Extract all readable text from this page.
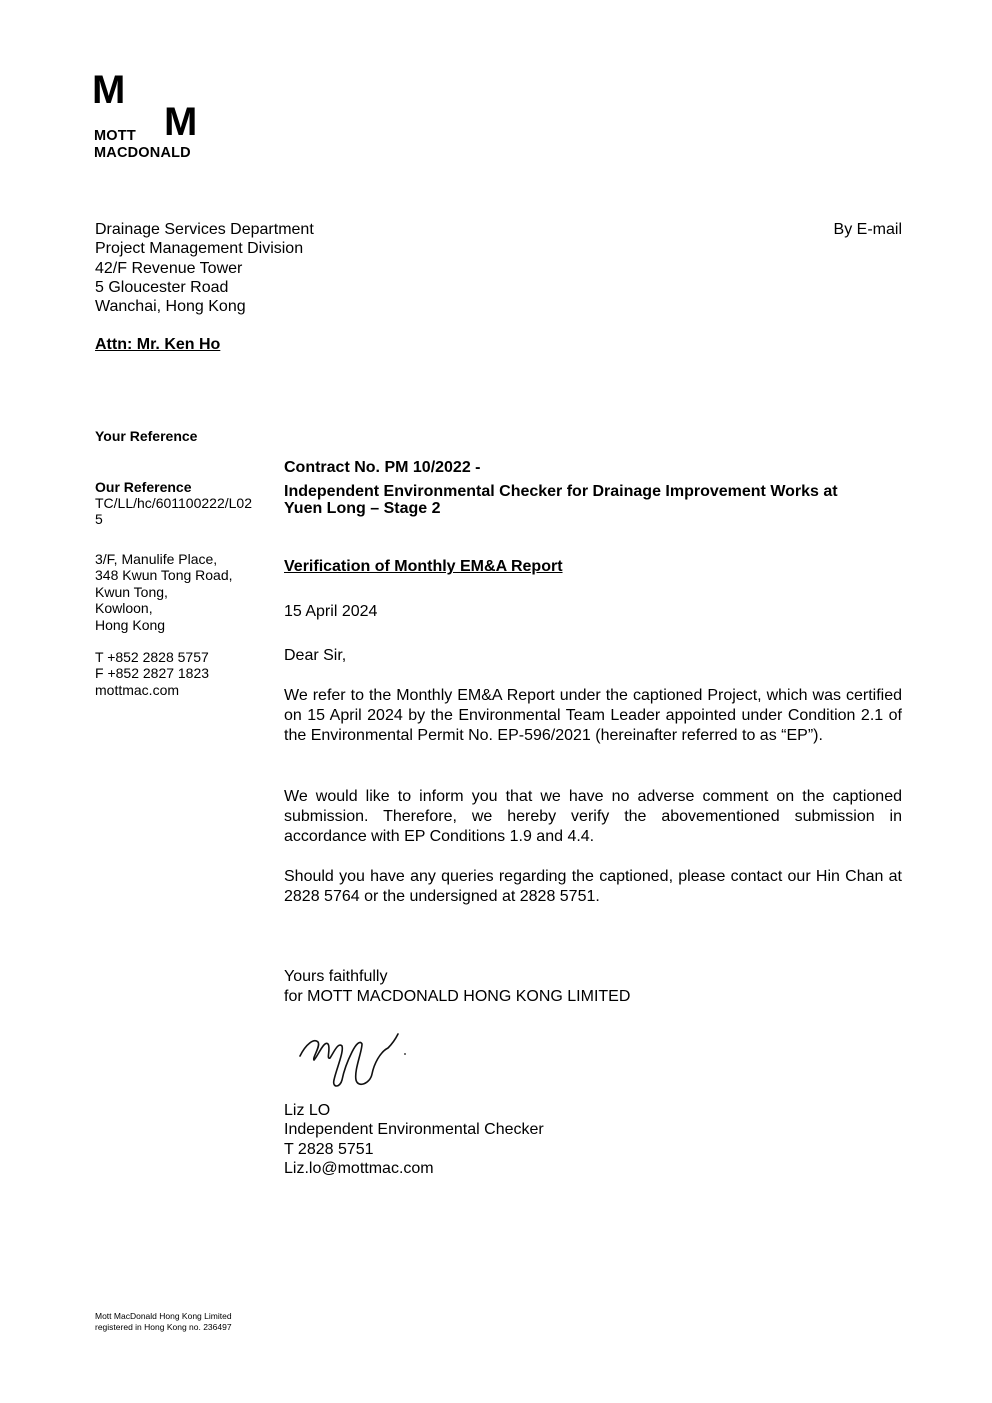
M
M
MOTT
MACDONALD
Drainage Services Department
Project Management Division
42/F Revenue Tower
5 Gloucester Road
Wanchai, Hong Kong
By E-mail
Attn: Mr. Ken Ho
Your Reference
Our Reference
TC/LL/hc/601100222/L02
5
3/F, Manulife Place,
348 Kwun Tong Road,
Kwun Tong,
Kowloon,
Hong Kong
T +852 2828 5757
F +852 2827 1823
mottmac.com
Contract No. PM 10/2022 -
Independent Environmental Checker for Drainage Improvement Works at
Yuen Long – Stage 2
Verification of Monthly EM&A Report
15 April 2024
Dear Sir,
We refer to the Monthly EM&A Report under the captioned Project, which was certified on 15 April 2024 by the Environmental Team Leader appointed under Condition 2.1 of the Environmental Permit No. EP-596/2021 (hereinafter referred to as “EP”).
We would like to inform you that we have no adverse comment on the captioned submission. Therefore, we hereby verify the abovementioned submission in accordance with EP Conditions 1.9 and 4.4.
Should you have any queries regarding the captioned, please contact our Hin Chan at 2828 5764 or the undersigned at 2828 5751.
Yours faithfully
for MOTT MACDONALD HONG KONG LIMITED
Liz LO
Independent Environmental Checker
T 2828 5751
Liz.lo@mottmac.com
Mott MacDonald Hong Kong Limited
registered in Hong Kong no. 236497
